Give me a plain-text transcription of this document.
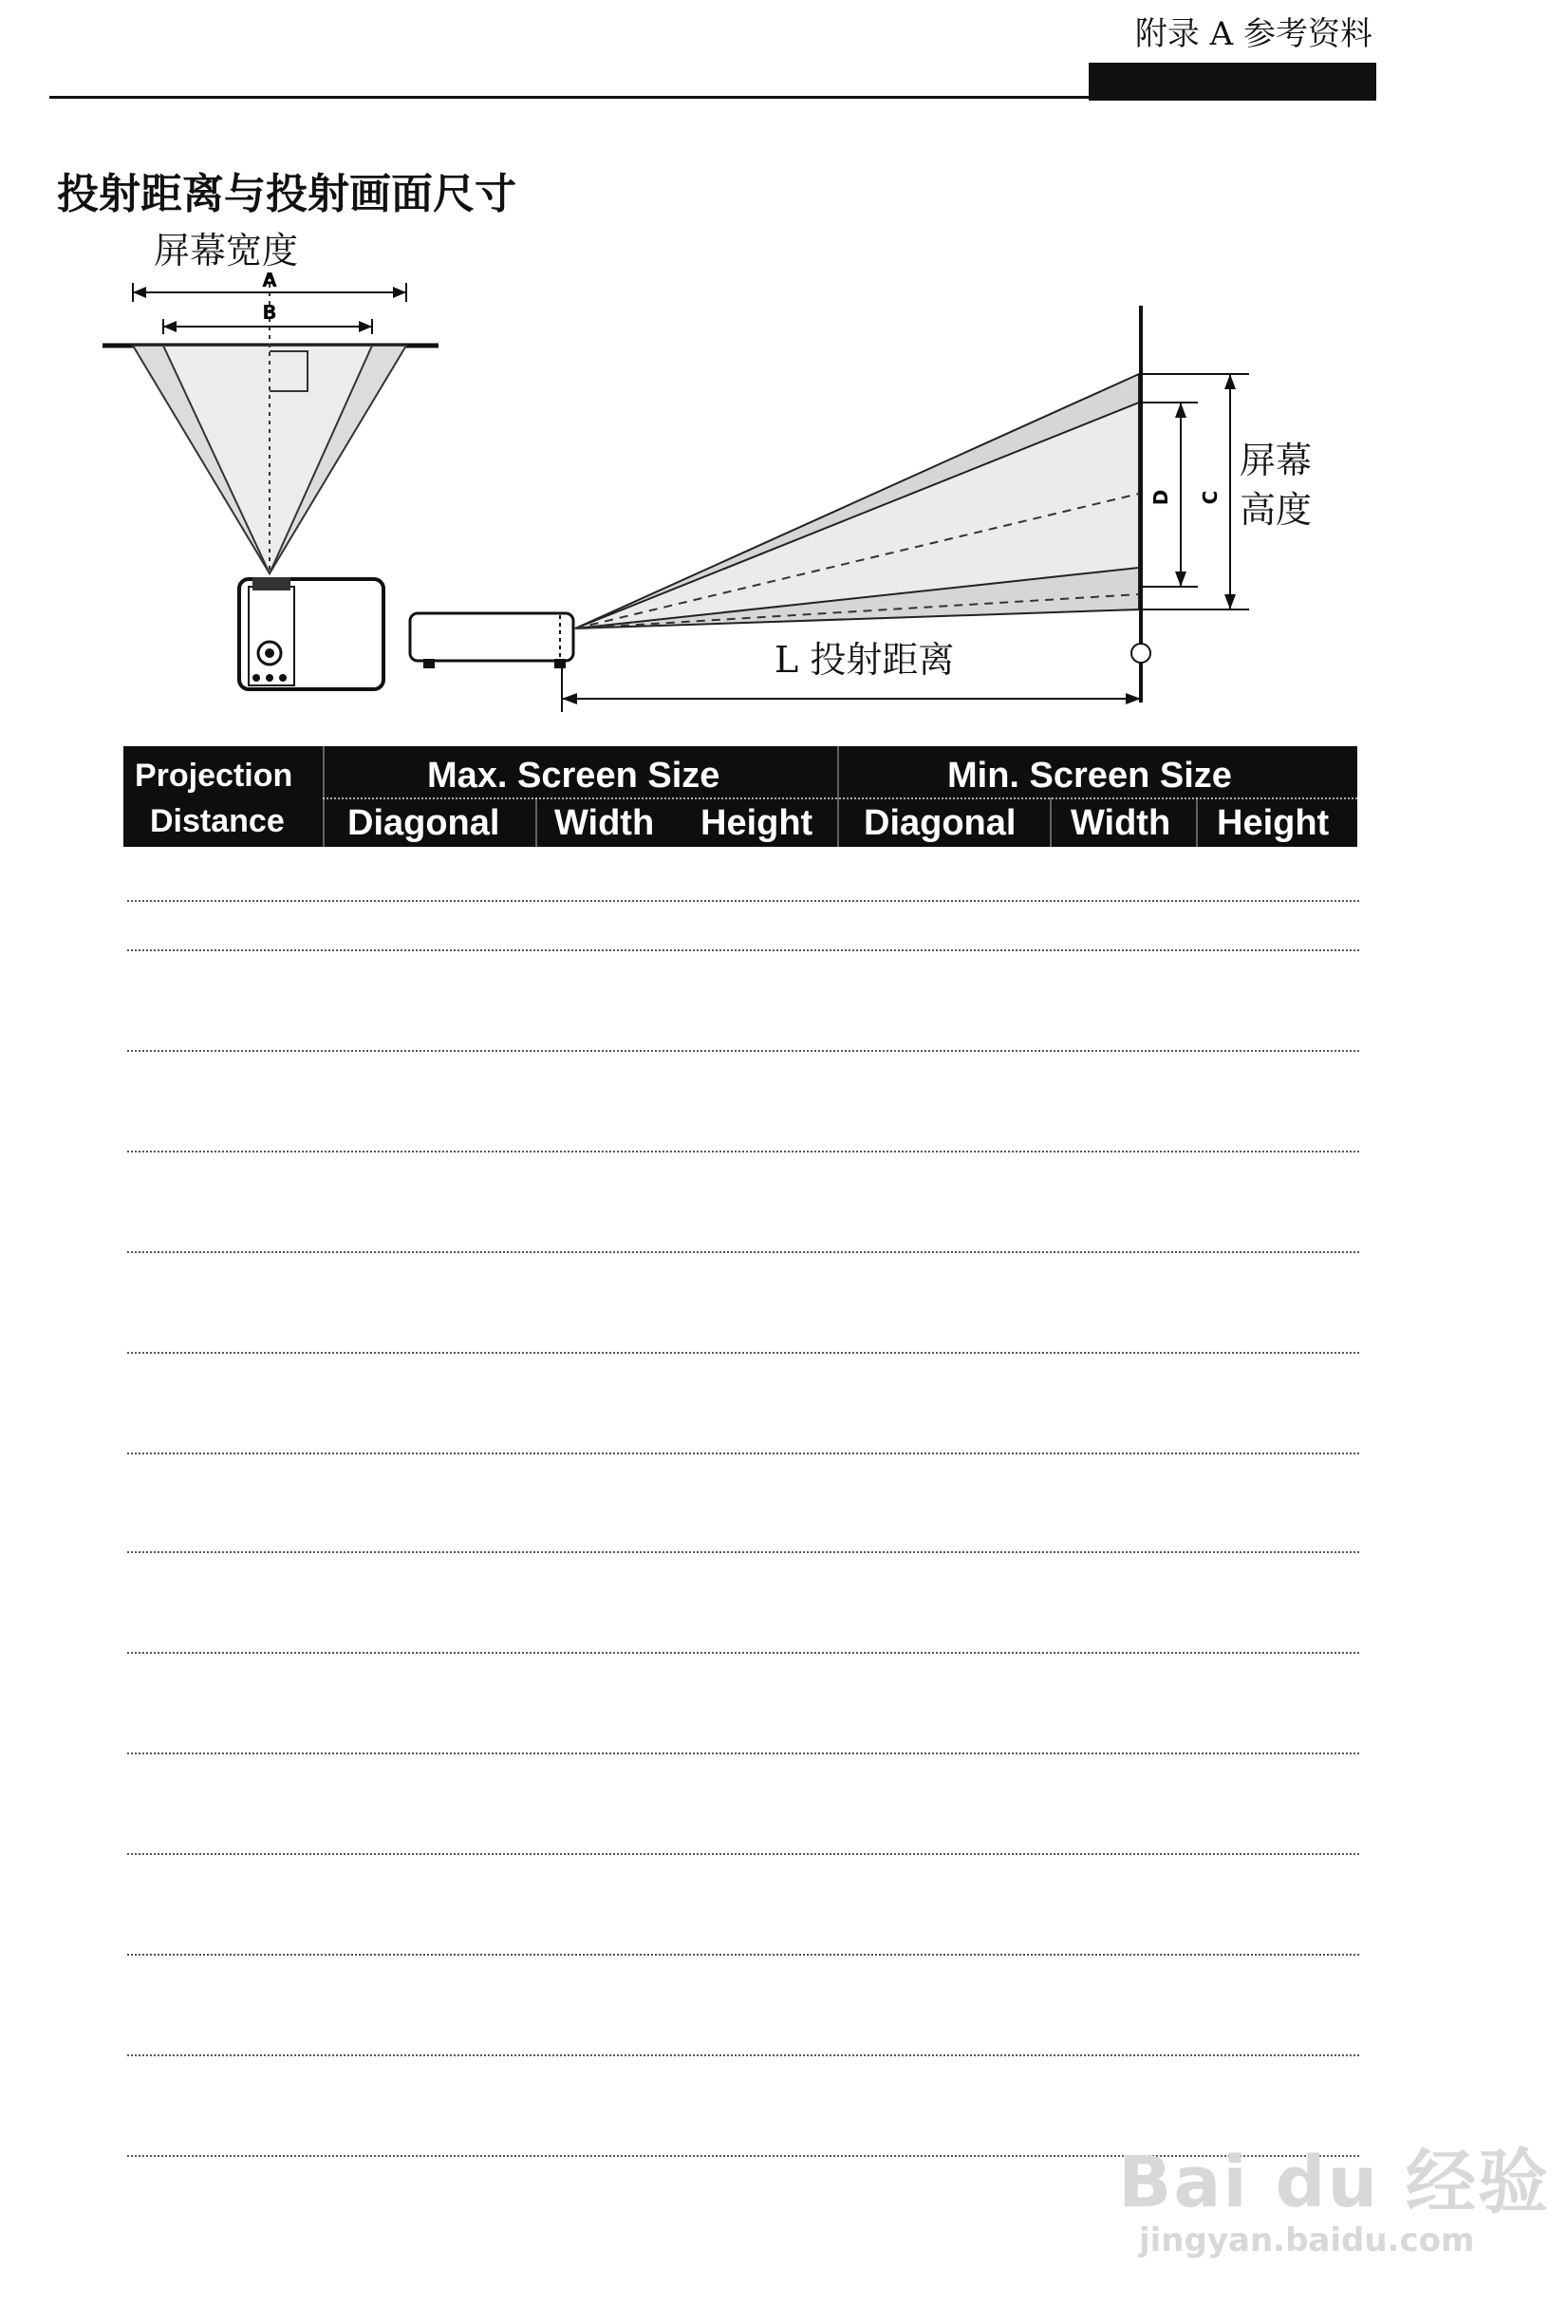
附录 A 参考资料
投射距离与投射画面尺寸
A
B
C
D
屏幕宽度
屏幕
高度
L 投射距离
Projection
Distance
Max. Screen Size	Min. Screen Size
Diagonal Width Height Diagonal Width Height
Bai du 经验
jingyan.baidu.com
